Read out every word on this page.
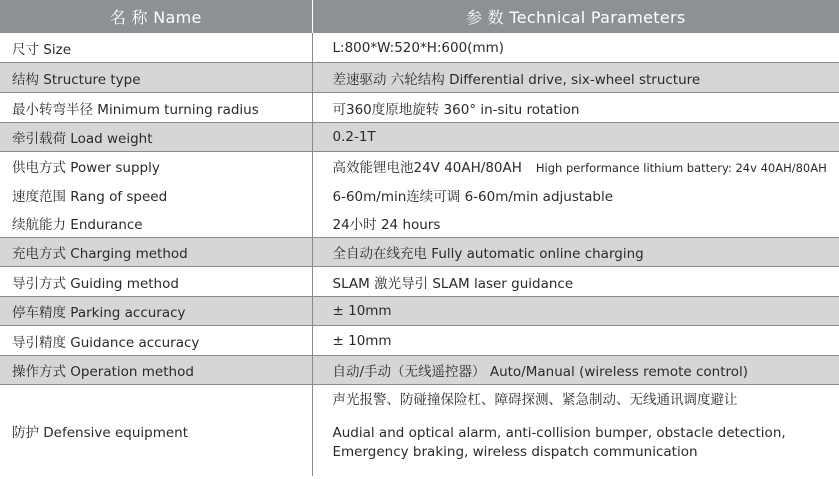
名 称 Name	参 数 Technical Parameters
尺寸 Size	L:800*W:520*H:600(mm)
结构 Structure type	差速驱动 六轮结构 Differential drive, six-wheel structure
最小转弯半径 Minimum turning radius	可360度原地旋转 360° in-situ rotation
牵引载荷 Load weight	0.2-1T
供电方式 Power supply	高效能锂电池24V 40AH/80AH High performance lithium battery: 24v 40AH/80AH
速度范围 Rang of speed	6-60m/min连续可调 6-60m/min adjustable
续航能力 Endurance	24小时 24 hours
充电方式 Charging method	全自动在线充电 Fully automatic online charging
导引方式 Guiding method	SLAM 激光导引 SLAM laser guidance
停车精度 Parking accuracy	± 10mm
导引精度 Guidance accuracy	± 10mm
操作方式 Operation method	自动/手动（无线遥控器） Auto/Manual (wireless remote control)
防护 Defensive equipment	声光报警、防碰撞保险杠、障碍探测、紧急制动、无线通讯调度避让
Audial and optical alarm, anti-collision bumper, obstacle detection,
Emergency braking, wireless dispatch communication
